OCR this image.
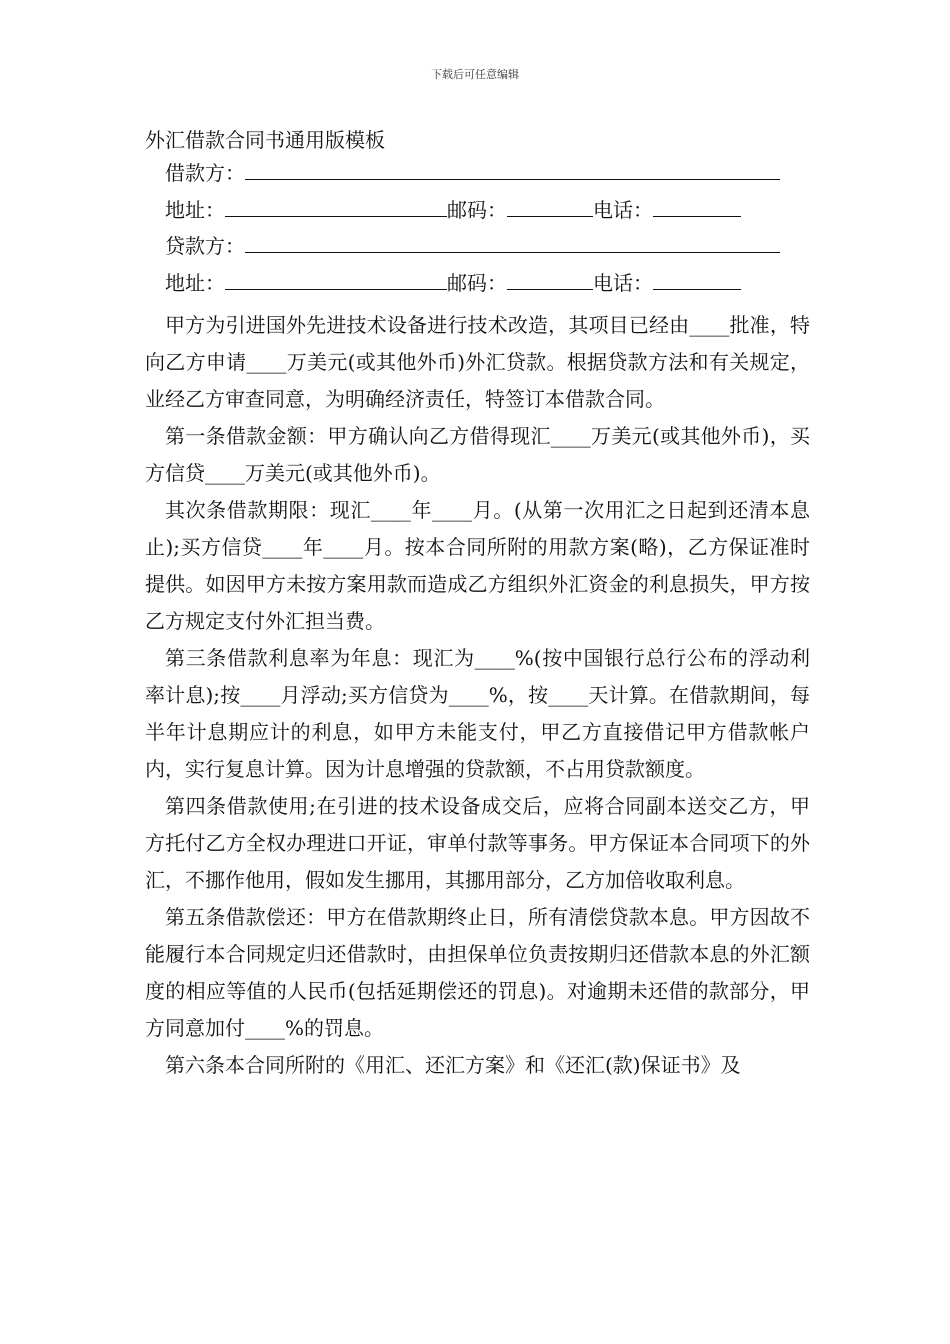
下载后可任意编辑
外汇借款合同书通用版模板
借款方：
地址：	邮码：	电话：
贷款方：
地址：	邮码：	电话：

甲方为引进国外先进技术设备进行技术改造，其项目已经由____批准，特向乙方申请____万美元(或其他外币)外汇贷款。根据贷款方法和有关规定，业经乙方审查同意，为明确经济责任，特签订本借款合同。

第一条借款金额：甲方确认向乙方借得现汇____万美元(或其他外币)，买方信贷____万美元(或其他外币)。

其次条借款期限：现汇____年____月。(从第一次用汇之日起到还清本息止);买方信贷____年____月。按本合同所附的用款方案(略)，乙方保证准时提供。如因甲方未按方案用款而造成乙方组织外汇资金的利息损失，甲方按乙方规定支付外汇担当费。

第三条借款利息率为年息：现汇为____%(按中国银行总行公布的浮动利率计息);按____月浮动;买方信贷为____%，按____天计算。在借款期间，每半年计息期应计的利息，如甲方未能支付，甲乙方直接借记甲方借款帐户内，实行复息计算。因为计息增强的贷款额，不占用贷款额度。

第四条借款使用;在引进的技术设备成交后，应将合同副本送交乙方，甲方托付乙方全权办理进口开证，审单付款等事务。甲方保证本合同项下的外汇，不挪作他用，假如发生挪用，其挪用部分，乙方加倍收取利息。

第五条借款偿还：甲方在借款期终止日，所有清偿贷款本息。甲方因故不能履行本合同规定归还借款时，由担保单位负责按期归还借款本息的外汇额度的相应等值的人民币(包括延期偿还的罚息)。对逾期未还借的款部分，甲方同意加付____%的罚息。

第六条本合同所附的《用汇、还汇方案》和《还汇(款)保证书》及
